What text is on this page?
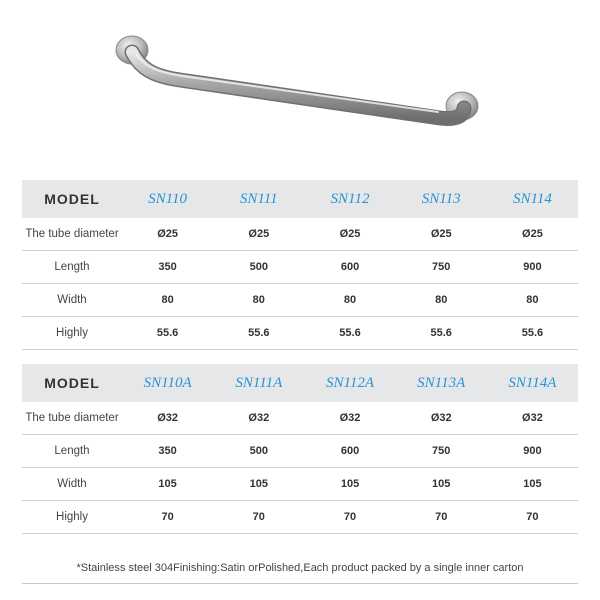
MODEL	SN110	SN111	SN112	SN113	SN114
The tube diameter	Ø25	Ø25	Ø25	Ø25	Ø25
Length	350	500	600	750	900
Width	80	80	80	80	80
Highly	55.6	55.6	55.6	55.6	55.6
MODEL	SN110A	SN111A	SN112A	SN113A	SN114A
The tube diameter	Ø32	Ø32	Ø32	Ø32	Ø32
Length	350	500	600	750	900
Width	105	105	105	105	105
Highly	70	70	70	70	70
*Stainless steel 304Finishing:Satin orPolished,Each product packed by a single inner carton
